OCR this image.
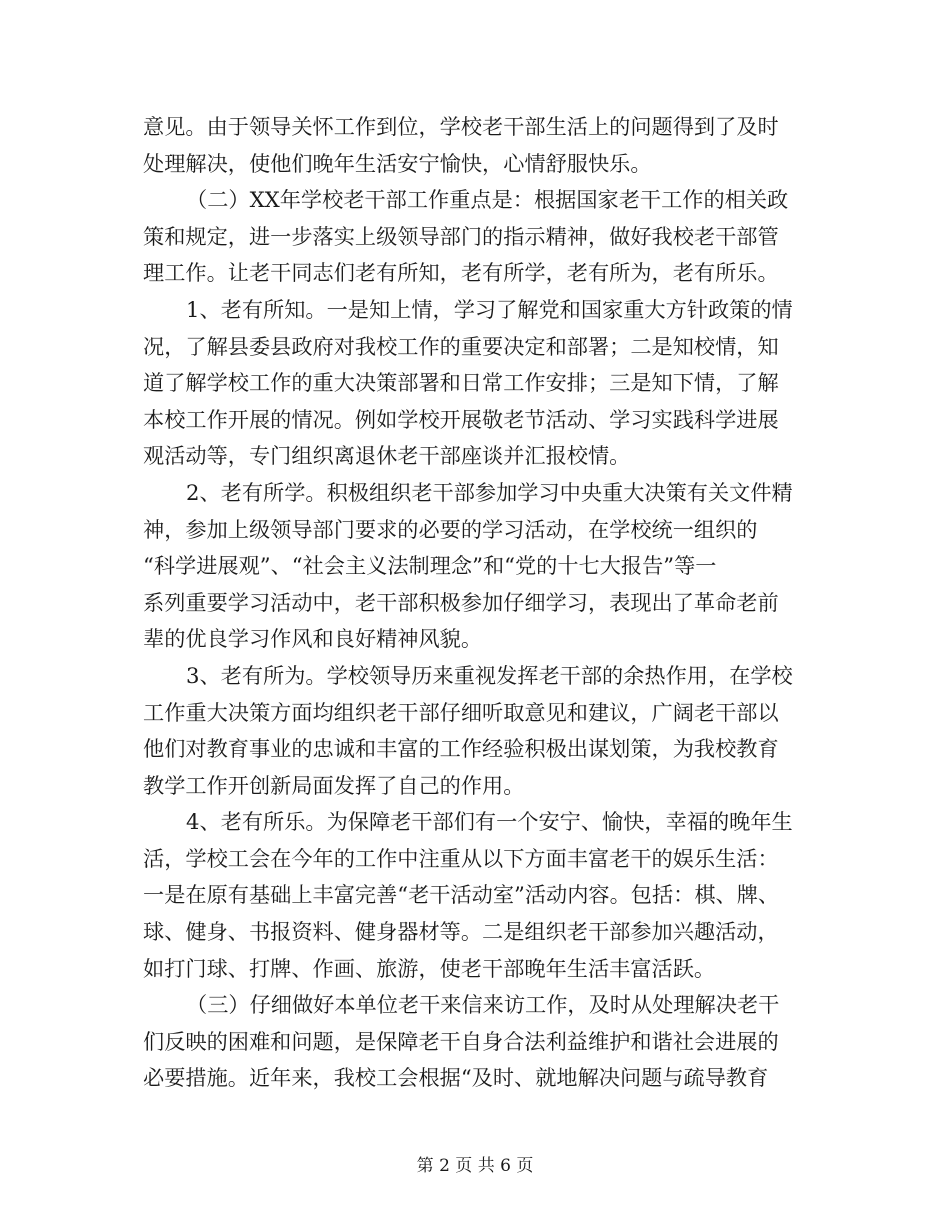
意见。由于领导关怀工作到位，学校老干部生活上的问题得到了及时
处理解决，使他们晚年生活安宁愉快，心情舒服快乐。
（二）XX年学校老干部工作重点是：根据国家老干工作的相关政
策和规定，进一步落实上级领导部门的指示精神，做好我校老干部管
理工作。让老干同志们老有所知，老有所学，老有所为，老有所乐。
1、老有所知。一是知上情，学习了解党和国家重大方针政策的情
况，了解县委县政府对我校工作的重要决定和部署；二是知校情，知
道了解学校工作的重大决策部署和日常工作安排；三是知下情，了解
本校工作开展的情况。例如学校开展敬老节活动、学习实践科学进展
观活动等，专门组织离退休老干部座谈并汇报校情。
2、老有所学。积极组织老干部参加学习中央重大决策有关文件精
神，参加上级领导部门要求的必要的学习活动，在学校统一组织的
“科学进展观”、“社会主义法制理念”和“党的十七大报告”等一
系列重要学习活动中，老干部积极参加仔细学习，表现出了革命老前
辈的优良学习作风和良好精神风貌。
3、老有所为。学校领导历来重视发挥老干部的余热作用，在学校
工作重大决策方面均组织老干部仔细听取意见和建议，广阔老干部以
他们对教育事业的忠诚和丰富的工作经验积极出谋划策，为我校教育
教学工作开创新局面发挥了自己的作用。
4、老有所乐。为保障老干部们有一个安宁、愉快，幸福的晚年生
活，学校工会在今年的工作中注重从以下方面丰富老干的娱乐生活：
一是在原有基础上丰富完善“老干活动室”活动内容。包括：棋、牌、
球、健身、书报资料、健身器材等。二是组织老干部参加兴趣活动，
如打门球、打牌、作画、旅游，使老干部晚年生活丰富活跃。
（三）仔细做好本单位老干来信来访工作，及时从处理解决老干
们反映的困难和问题，是保障老干自身合法利益维护和谐社会进展的
必要措施。近年来，我校工会根据“及时、就地解决问题与疏导教育
第 2 页 共 6 页
